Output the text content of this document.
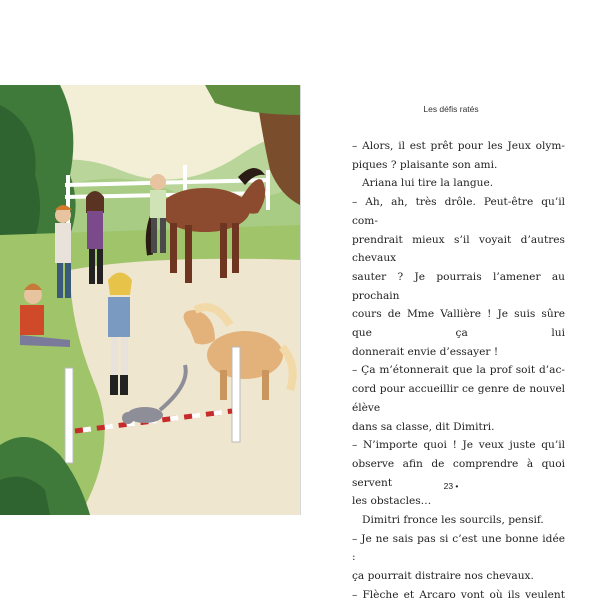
Les défis ratés
– Alors, il est prêt pour les Jeux olym-
piques ? plaisante son ami.
Ariana lui tire la langue.
– Ah, ah, très drôle. Peut-être qu’il com-
prendrait mieux s’il voyait d’autres chevaux
sauter ? Je pourrais l’amener au prochain
cours de Mme Vallière ! Je suis sûre que ça lui
donnerait envie d’essayer !
– Ça m’étonnerait que la prof soit d’ac-
cord pour accueillir ce genre de nouvel élève
dans sa classe, dit Dimitri.
– N’importe quoi ! Je veux juste qu’il
observe afin de comprendre à quoi servent
les obstacles…
Dimitri fronce les sourcils, pensif.
– Je ne sais pas si c’est une bonne idée :
ça pourrait distraire nos chevaux.
– Flèche et Arcaro vont où ils veulent
23 •
